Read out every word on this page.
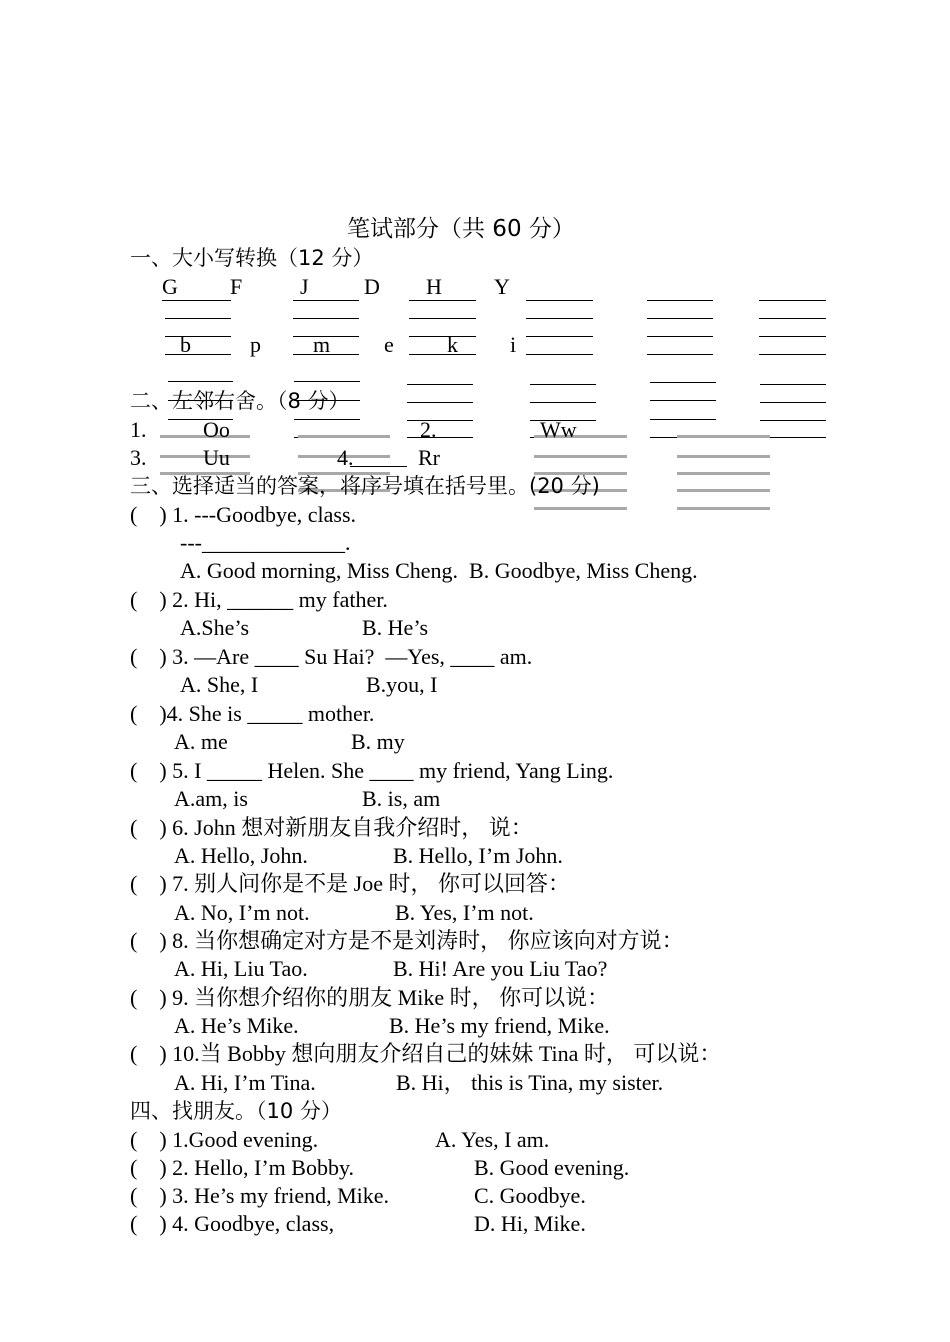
笔试部分（共 60 分）
一、大小写转换（12 分）
G F	J	D H Y
b	p m e k i
二、左邻右舍。（8 分）
1.	Oo	2.	Ww
3.	Uu	4.	Rr
三、选择适当的答案，将序号填在括号里。(20 分)
(    ) 1. ---Goodbye, class.
---_____________.
A. Good morning, Miss Cheng.  B. Goodbye, Miss Cheng.
(    ) 2. Hi, ______ my father.
A.She’s	B. He’s
(    ) 3. —Are ____ Su Hai?  —Yes, ____ am.
A. She, I	B.you, I
(    )4. She is _____ mother.
A. me	B. my
(    ) 5. I _____ Helen. She ____ my friend, Yang Ling.
A.am, is	B. is, am
(    ) 6. John 想对新朋友自我介绍时， 说：
A. Hello, John.	B. Hello, I’m John.
(    ) 7. 别人问你是不是 Joe 时， 你可以回答：
A. No, I’m not.	B. Yes, I’m not.
(    ) 8. 当你想确定对方是不是刘涛时， 你应该向对方说：
A. Hi, Liu Tao.	B. Hi! Are you Liu Tao?
(    ) 9. 当你想介绍你的朋友 Mike 时， 你可以说：
A. He’s Mike.	B. He’s my friend, Mike.
(    ) 10.当 Bobby 想向朋友介绍自己的妹妹 Tina 时， 可以说：
A. Hi, I’m Tina.	B. Hi， this is Tina, my sister.
四、找朋友。（10 分）
(    ) 1.Good evening.	A. Yes, I am.
(    ) 2. Hello, I’m Bobby.	B. Good evening.
(    ) 3. He’s my friend, Mike.	C. Goodbye.
(    ) 4. Goodbye, class,	D. Hi, Mike.
